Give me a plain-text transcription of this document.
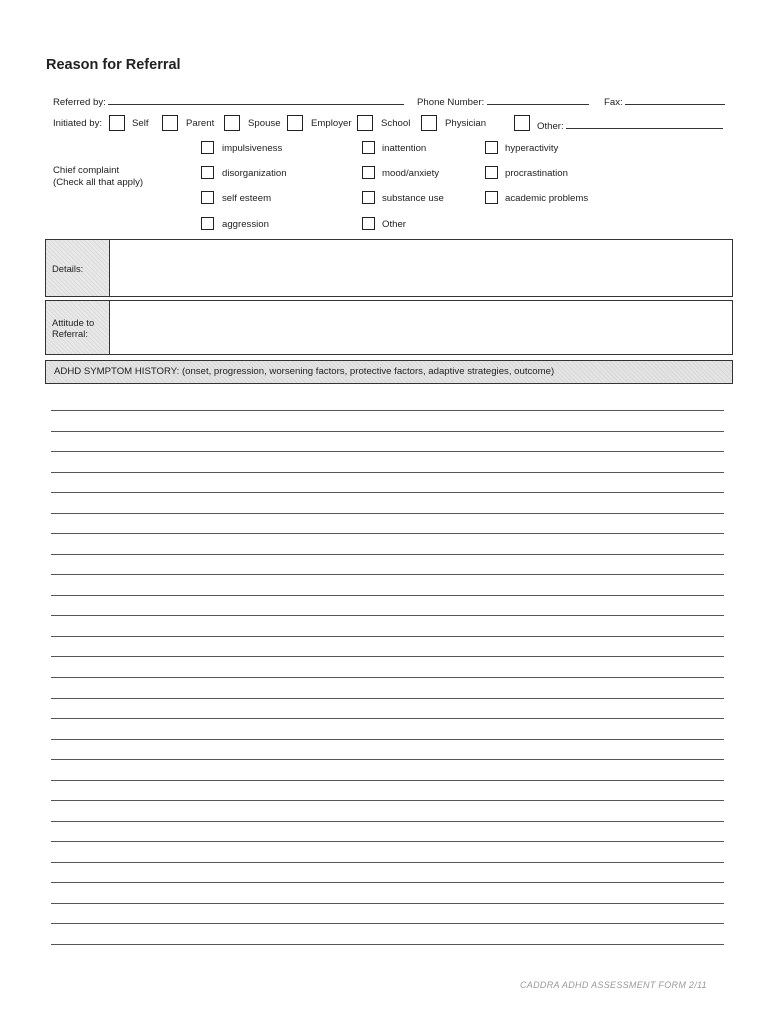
Reason for Referral
Referred by:	Phone Number:	Fax:
Initiated by:	Self	Parent	Spouse	Employer	School	Physician	Other:
Chief complaint
(Check all that apply)
impulsiveness	inattention	hyperactivity
disorganization	mood/anxiety	procrastination
self esteem	substance use	academic problems
aggression	Other
Details:
Attitude to
Referral:
ADHD SYMPTOM HISTORY: (onset, progression, worsening factors, protective factors, adaptive strategies, outcome)
CADDRA ADHD ASSESSMENT FORM 2/11
